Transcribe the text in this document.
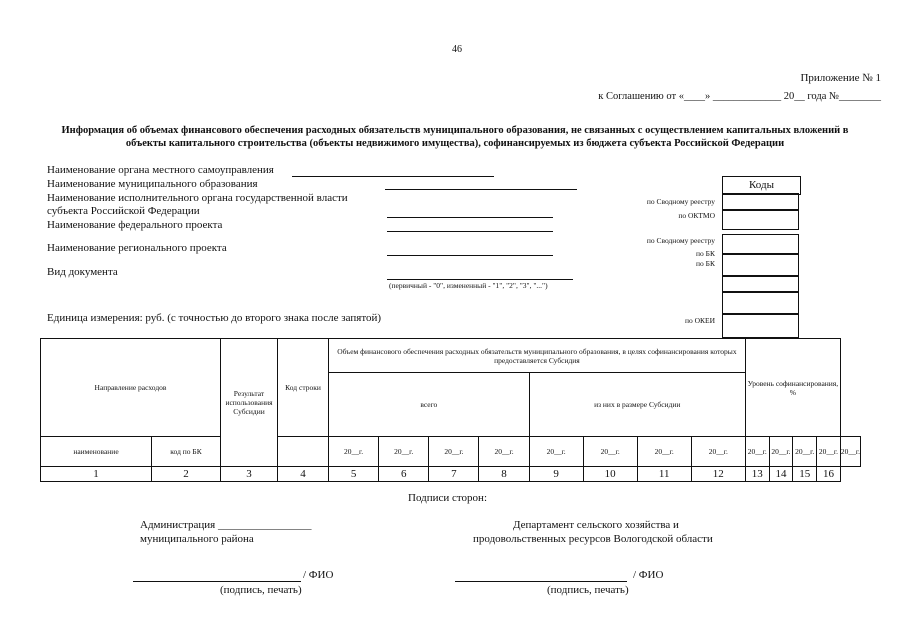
46
Приложение № 1
к Соглашению от «____» _____________ 20__ года №________
Информация об объемах финансового обеспечения расходных обязательств муниципального образования, не связанных с осуществлением капитальных вложений в объекты капитального строительства (объекты недвижимого имущества), софинансируемых из бюджета субъекта Российской Федерации
Наименование органа местного самоуправления
Наименование муниципального образования
Наименование исполнительного органа государственной власти
субъекта Российской Федерации
Наименование федерального проекта
Наименование регионального проекта
Вид документа
(первичный - "0", измененный - "1", "2", "3", "...")
Единица измерения: руб. (с точностью до второго знака после запятой)
Коды
по Сводному реестру
по ОКТМО
по Сводному реестру
по БК
по БК
по ОКЕИ
Направление расходов		Результат использования Субсидии	Код строки	Объем финансового обеспечения расходных обязательств муниципального образования, в целях софинансирования которых предоставляется Субсидия								Уровень софинансирования, %				
				всего				из них в размере Субсидии								
наименование	код по БК			20__г.	20__г.	20__г.	20__г.	20__г.	20__г.	20__г.	20__г.	20__г.	20__г.	20__г.	20__г.	20__г.
1	2	3	4	5	6	7	8	9	10	11	12	13	14	15	16	
Подписи сторон:
Администрация _________________
муниципального района
Департамент сельского хозяйства и
продовольственных ресурсов Вологодской области
/ ФИО
(подпись, печать)
/ ФИО
(подпись, печать)
